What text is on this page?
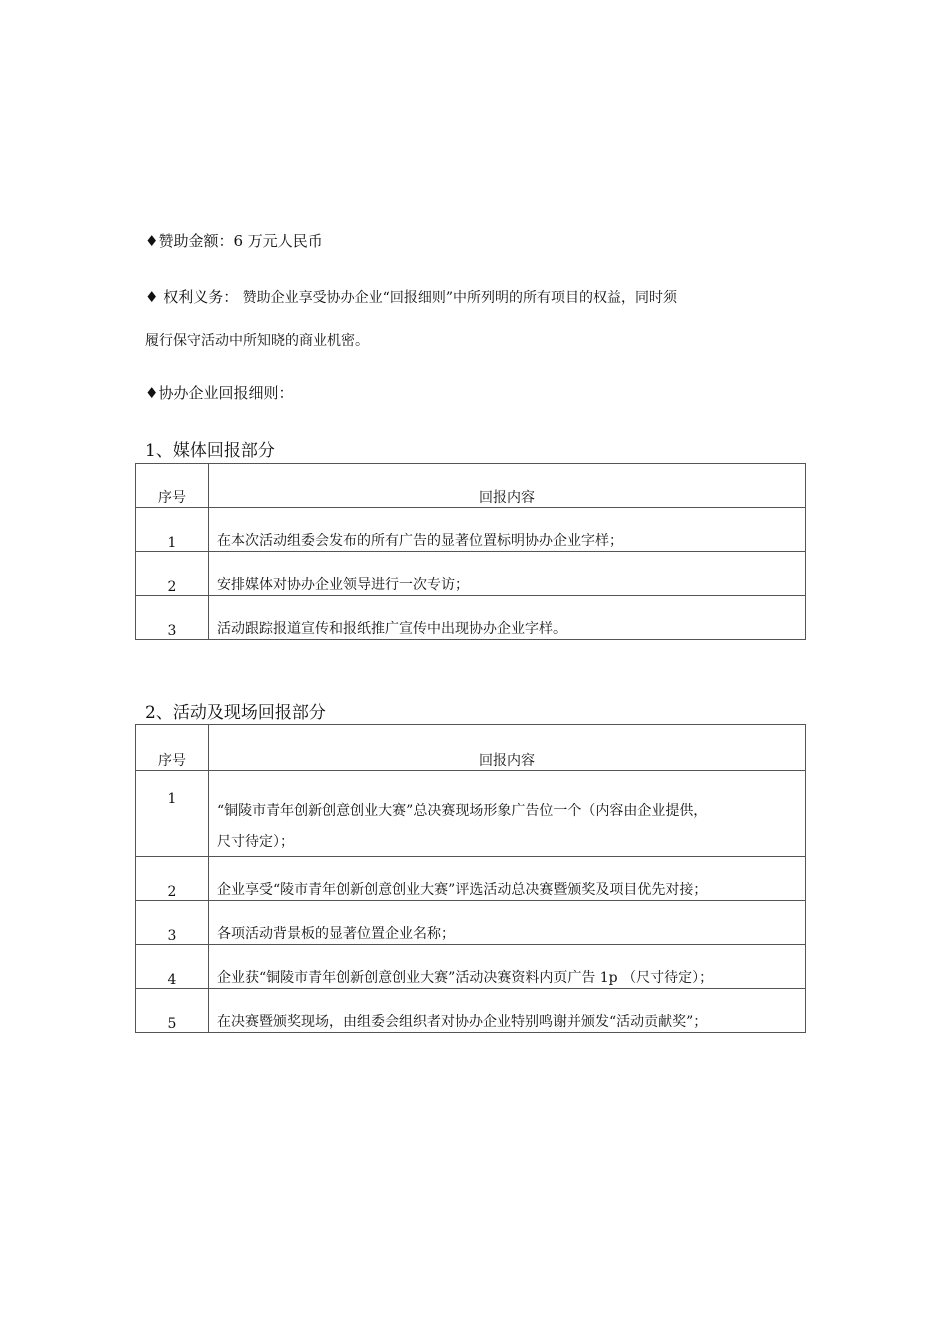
♦赞助金额：6 万元人民币
♦ 权利义务： 赞助企业享受协办企业“回报细则”中所列明的所有项目的权益，同时须
履行保守活动中所知晓的商业机密。
♦协办企业回报细则：
1、媒体回报部分
序号	回报内容
1	在本次活动组委会发布的所有广告的显著位置标明协办企业字样；
2	安排媒体对协办企业领导进行一次专访；
3	活动跟踪报道宣传和报纸推广宣传中出现协办企业字样。
2、活动及现场回报部分
序号	回报内容
1	“铜陵市青年创新创意创业大赛”总决赛现场形象广告位一个（内容由企业提供，
尺寸待定）；

2	企业享受“陵市青年创新创意创业大赛”评选活动总决赛暨颁奖及项目优先对接；
3	各项活动背景板的显著位置企业名称；
4	企业获“铜陵市青年创新创意创业大赛”活动决赛资料内页广告 1p （尺寸待定）；
5	在决赛暨颁奖现场，由组委会组织者对协办企业特别鸣谢并颁发“活动贡献奖”；
